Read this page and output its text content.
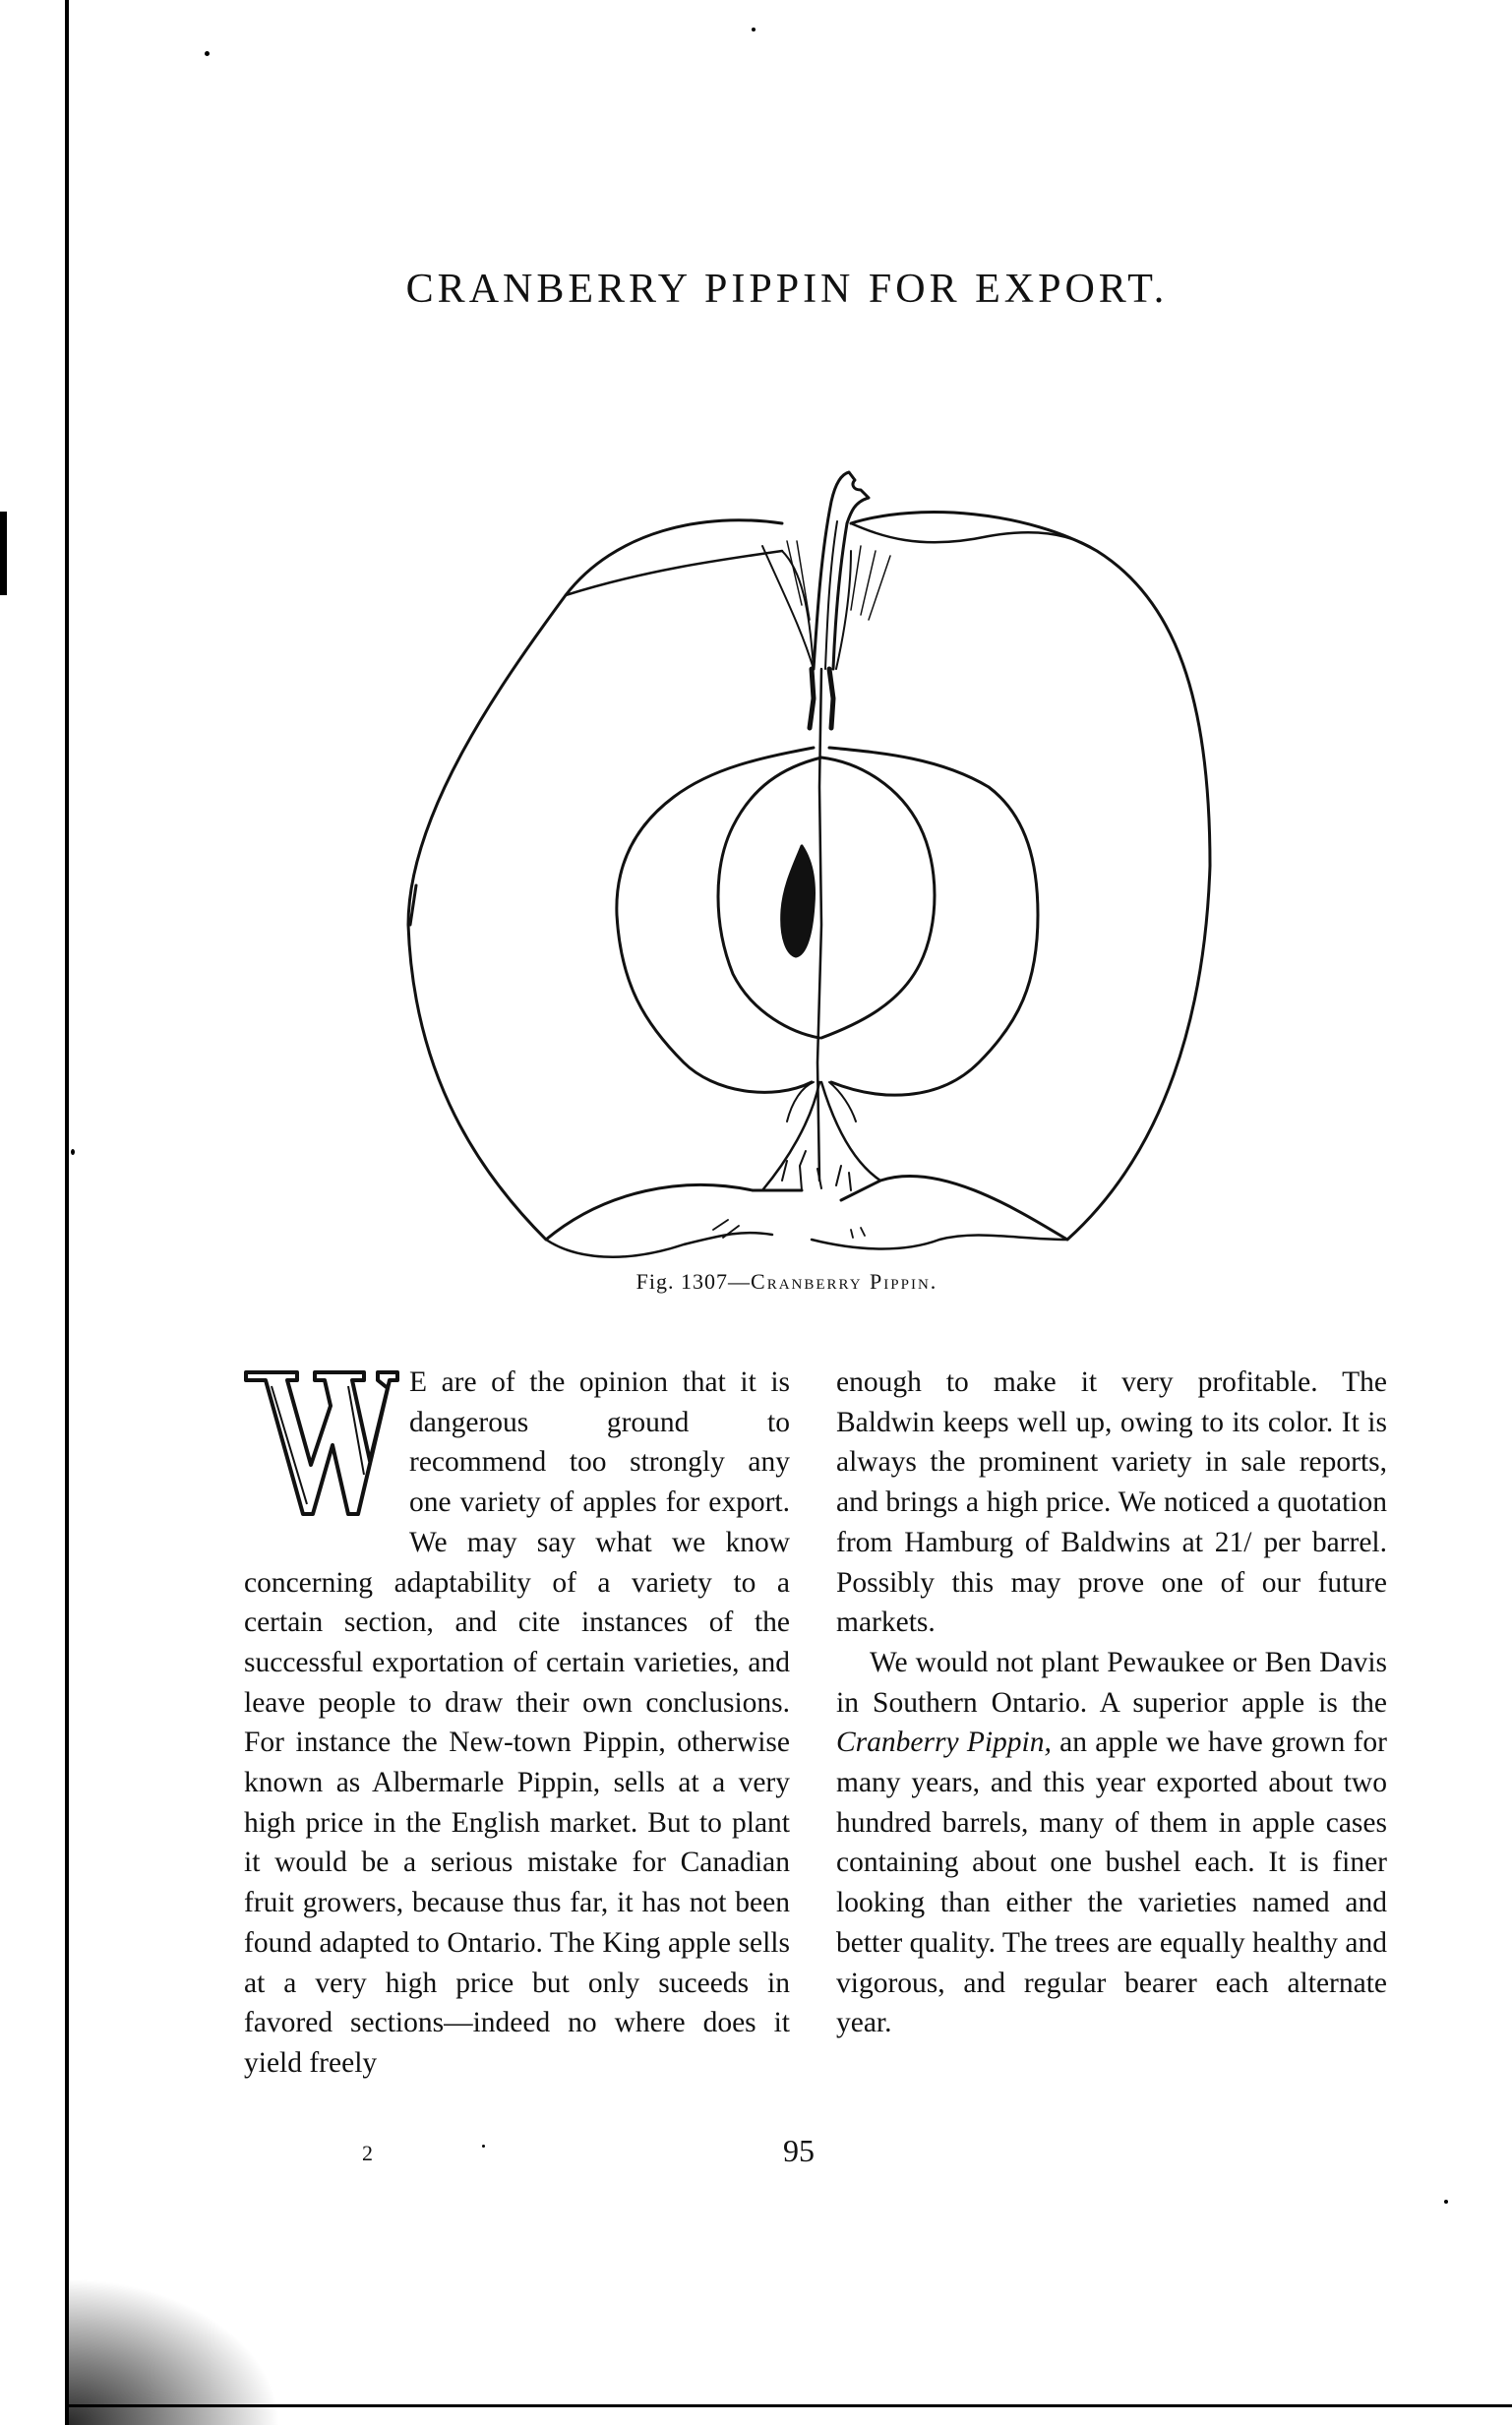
CRANBERRY PIPPIN FOR EXPORT.
Fig. 1307—Cranberry Pippin.

E are of the opinion that it is dangerous ground to recommend too strongly any one variety of apples for export. We may say what we know concerning adaptability of a variety to a certain section, and cite instances of the successful exportation of certain varieties, and leave people to draw their own conclusions. For instance the New-town Pippin, otherwise known as Albermarle Pippin, sells at a very high price in the English market. But to plant it would be a serious mistake for Canadian fruit growers, because thus far, it has not been found adapted to Ontario. The King apple sells at a very high price but only suceeds in favored sections—indeed no where does it yield freely

enough to make it very profitable. The Baldwin keeps well up, owing to its color. It is always the prominent variety in sale reports, and brings a high price. We noticed a quotation from Hamburg of Baldwins at 21/ per barrel. Possibly this may prove one of our future markets.

We would not plant Pewaukee or Ben Davis in Southern Ontario. A superior apple is the Cranberry Pippin, an apple we have grown for many years, and this year exported about two hundred barrels, many of them in apple cases containing about one bushel each. It is finer looking than either the varieties named and better quality. The trees are equally healthy and vigorous, and regular bearer each alternate year.

2	95
